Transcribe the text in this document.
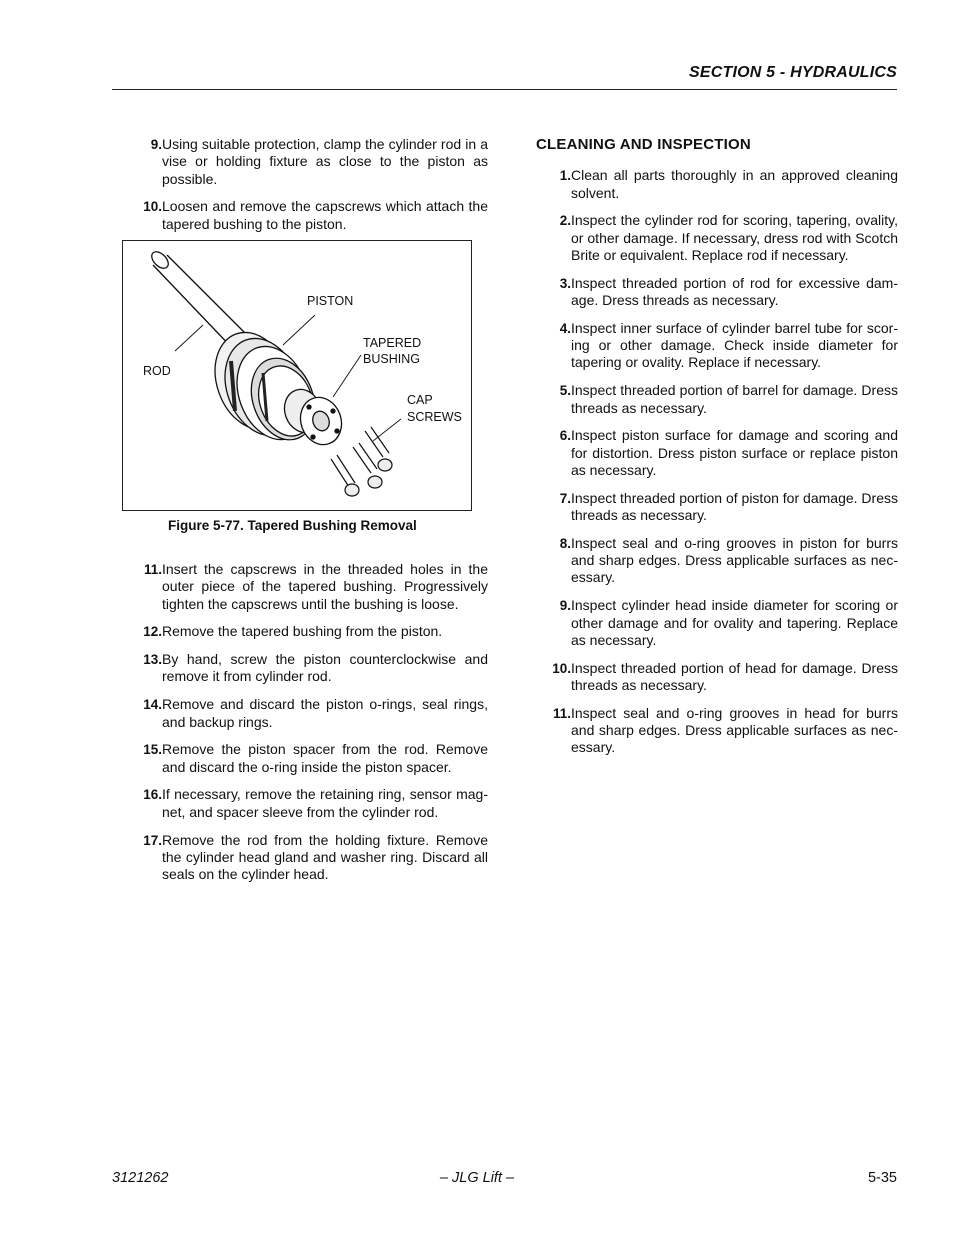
SECTION 5 - HYDRAULICS
9. Using suitable protection, clamp the cylinder rod in a vise or holding fixture as close to the piston as possible.
10. Loosen and remove the capscrews which attach the tapered bushing to the piston.
PISTON
TAPERED
BUSHING
ROD
CAP
SCREWS
Figure 5-77. Tapered Bushing Removal
11. Insert the capscrews in the threaded holes in the outer piece of the tapered bushing. Progressively tighten the capscrews until the bushing is loose.
12. Remove the tapered bushing from the piston.
13. By hand, screw the piston counterclockwise and remove it from cylinder rod.
14. Remove and discard the piston o-rings, seal rings, and backup rings.
15. Remove the piston spacer from the rod. Remove and discard the o-ring inside the piston spacer.
16. If necessary, remove the retaining ring, sensor mag-net, and spacer sleeve from the cylinder rod.
17. Remove the rod from the holding fixture. Remove the cylinder head gland and washer ring. Discard all seals on the cylinder head.
CLEANING AND INSPECTION
1. Clean all parts thoroughly in an approved cleaning solvent.
2. Inspect the cylinder rod for scoring, tapering, ovality, or other damage. If necessary, dress rod with Scotch Brite or equivalent. Replace rod if necessary.
3. Inspect threaded portion of rod for excessive dam-age. Dress threads as necessary.
4. Inspect inner surface of cylinder barrel tube for scor-ing or other damage. Check inside diameter for tapering or ovality. Replace if necessary.
5. Inspect threaded portion of barrel for damage. Dress threads as necessary.
6. Inspect piston surface for damage and scoring and for distortion. Dress piston surface or replace piston as necessary.
7. Inspect threaded portion of piston for damage. Dress threads as necessary.
8. Inspect seal and o-ring grooves in piston for burrs and sharp edges. Dress applicable surfaces as nec-essary.
9. Inspect cylinder head inside diameter for scoring or other damage and for ovality and tapering. Replace as necessary.
10. Inspect threaded portion of head for damage. Dress threads as necessary.
11. Inspect seal and o-ring grooves in head for burrs and sharp edges. Dress applicable surfaces as nec-essary.
3121262	– JLG Lift –	5-35
